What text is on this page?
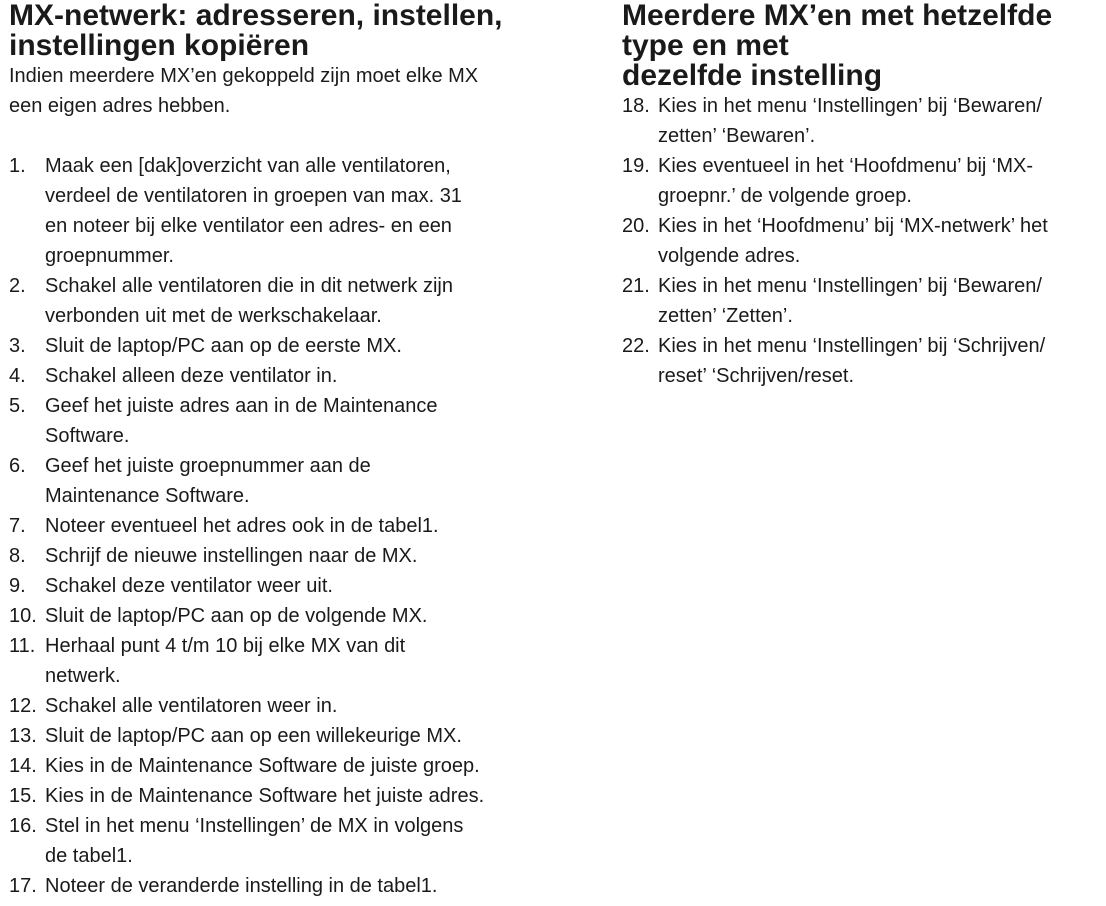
MX-netwerk: adresseren, instellen,
instellingen kopiëren

Indien meerdere MX’en gekoppeld zijn moet elke MX
een eigen adres hebben.

1. Maak een [dak]overzicht van alle ventilatoren,
verdeel de ventilatoren in groepen van max. 31
en noteer bij elke ventilator een adres- en een
groepnummer.
2. Schakel alle ventilatoren die in dit netwerk zijn
verbonden uit met de werkschakelaar.
3. Sluit de laptop/PC aan op de eerste MX.
4. Schakel alleen deze ventilator in.
5. Geef het juiste adres aan in de Maintenance
Software.
6. Geef het juiste groepnummer aan de
Maintenance Software.
7. Noteer eventueel het adres ook in de tabel1.
8. Schrijf de nieuwe instellingen naar de MX.
9. Schakel deze ventilator weer uit.
10. Sluit de laptop/PC aan op de volgende MX.
11. Herhaal punt 4 t/m 10 bij elke MX van dit
netwerk.
12. Schakel alle ventilatoren weer in.
13. Sluit de laptop/PC aan op een willekeurige MX.
14. Kies in de Maintenance Software de juiste groep.
15. Kies in de Maintenance Software het juiste adres.
16. Stel in het menu ‘Instellingen’ de MX in volgens
de tabel1.
17. Noteer de veranderde instelling in de tabel1.
Meerdere MX’en met hetzelfde type en met
dezelfde instelling
18. Kies in het menu ‘Instellingen’ bij ‘Bewaren/
zetten’ ‘Bewaren’.
19. Kies eventueel in het ‘Hoofdmenu’ bij ‘MX-
groepnr.’ de volgende groep.
20. Kies in het ‘Hoofdmenu’ bij ‘MX-netwerk’ het
volgende adres.
21. Kies in het menu ‘Instellingen’ bij ‘Bewaren/
zetten’ ‘Zetten’.
22. Kies in het menu ‘Instellingen’ bij ‘Schrijven/
reset’ ‘Schrijven/reset.
